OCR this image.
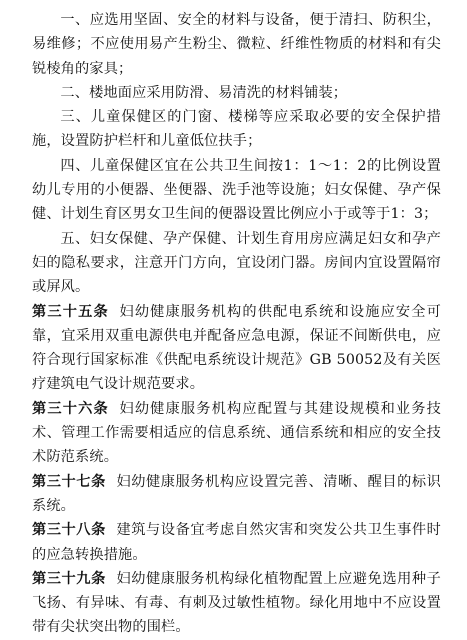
一、应选用坚固、安全的材料与设备，便于清扫、防积尘，易维修；不应使用易产生粉尘、微粒、纤维性物质的材料和有尖锐棱角的家具；

二、楼地面应采用防滑、易清洗的材料铺装；

三、儿童保健区的门窗、楼梯等应采取必要的安全保护措施，设置防护栏杆和儿童低位扶手；

四、儿童保健区宜在公共卫生间按1：1～1：2的比例设置幼儿专用的小便器、坐便器、洗手池等设施；妇女保健、孕产保健、计划生育区男女卫生间的便器设置比例应小于或等于1：3；

五、妇女保健、孕产保健、计划生育用房应满足妇女和孕产妇的隐私要求，注意开门方向，宜设闭门器。房间内宜设置隔帘或屏风。

第三十五条 妇幼健康服务机构的供配电系统和设施应安全可靠，宜采用双重电源供电并配备应急电源，保证不间断供电，应符合现行国家标准《供配电系统设计规范》GB 50052及有关医疗建筑电气设计规范要求。

第三十六条 妇幼健康服务机构应配置与其建设规模和业务技术、管理工作需要相适应的信息系统、通信系统和相应的安全技术防范系统。

第三十七条 妇幼健康服务机构应设置完善、清晰、醒目的标识系统。

第三十八条 建筑与设备宜考虑自然灾害和突发公共卫生事件时的应急转换措施。

第三十九条 妇幼健康服务机构绿化植物配置上应避免选用种子飞扬、有异味、有毒、有刺及过敏性植物。绿化用地中不应设置带有尖状突出物的围栏。
